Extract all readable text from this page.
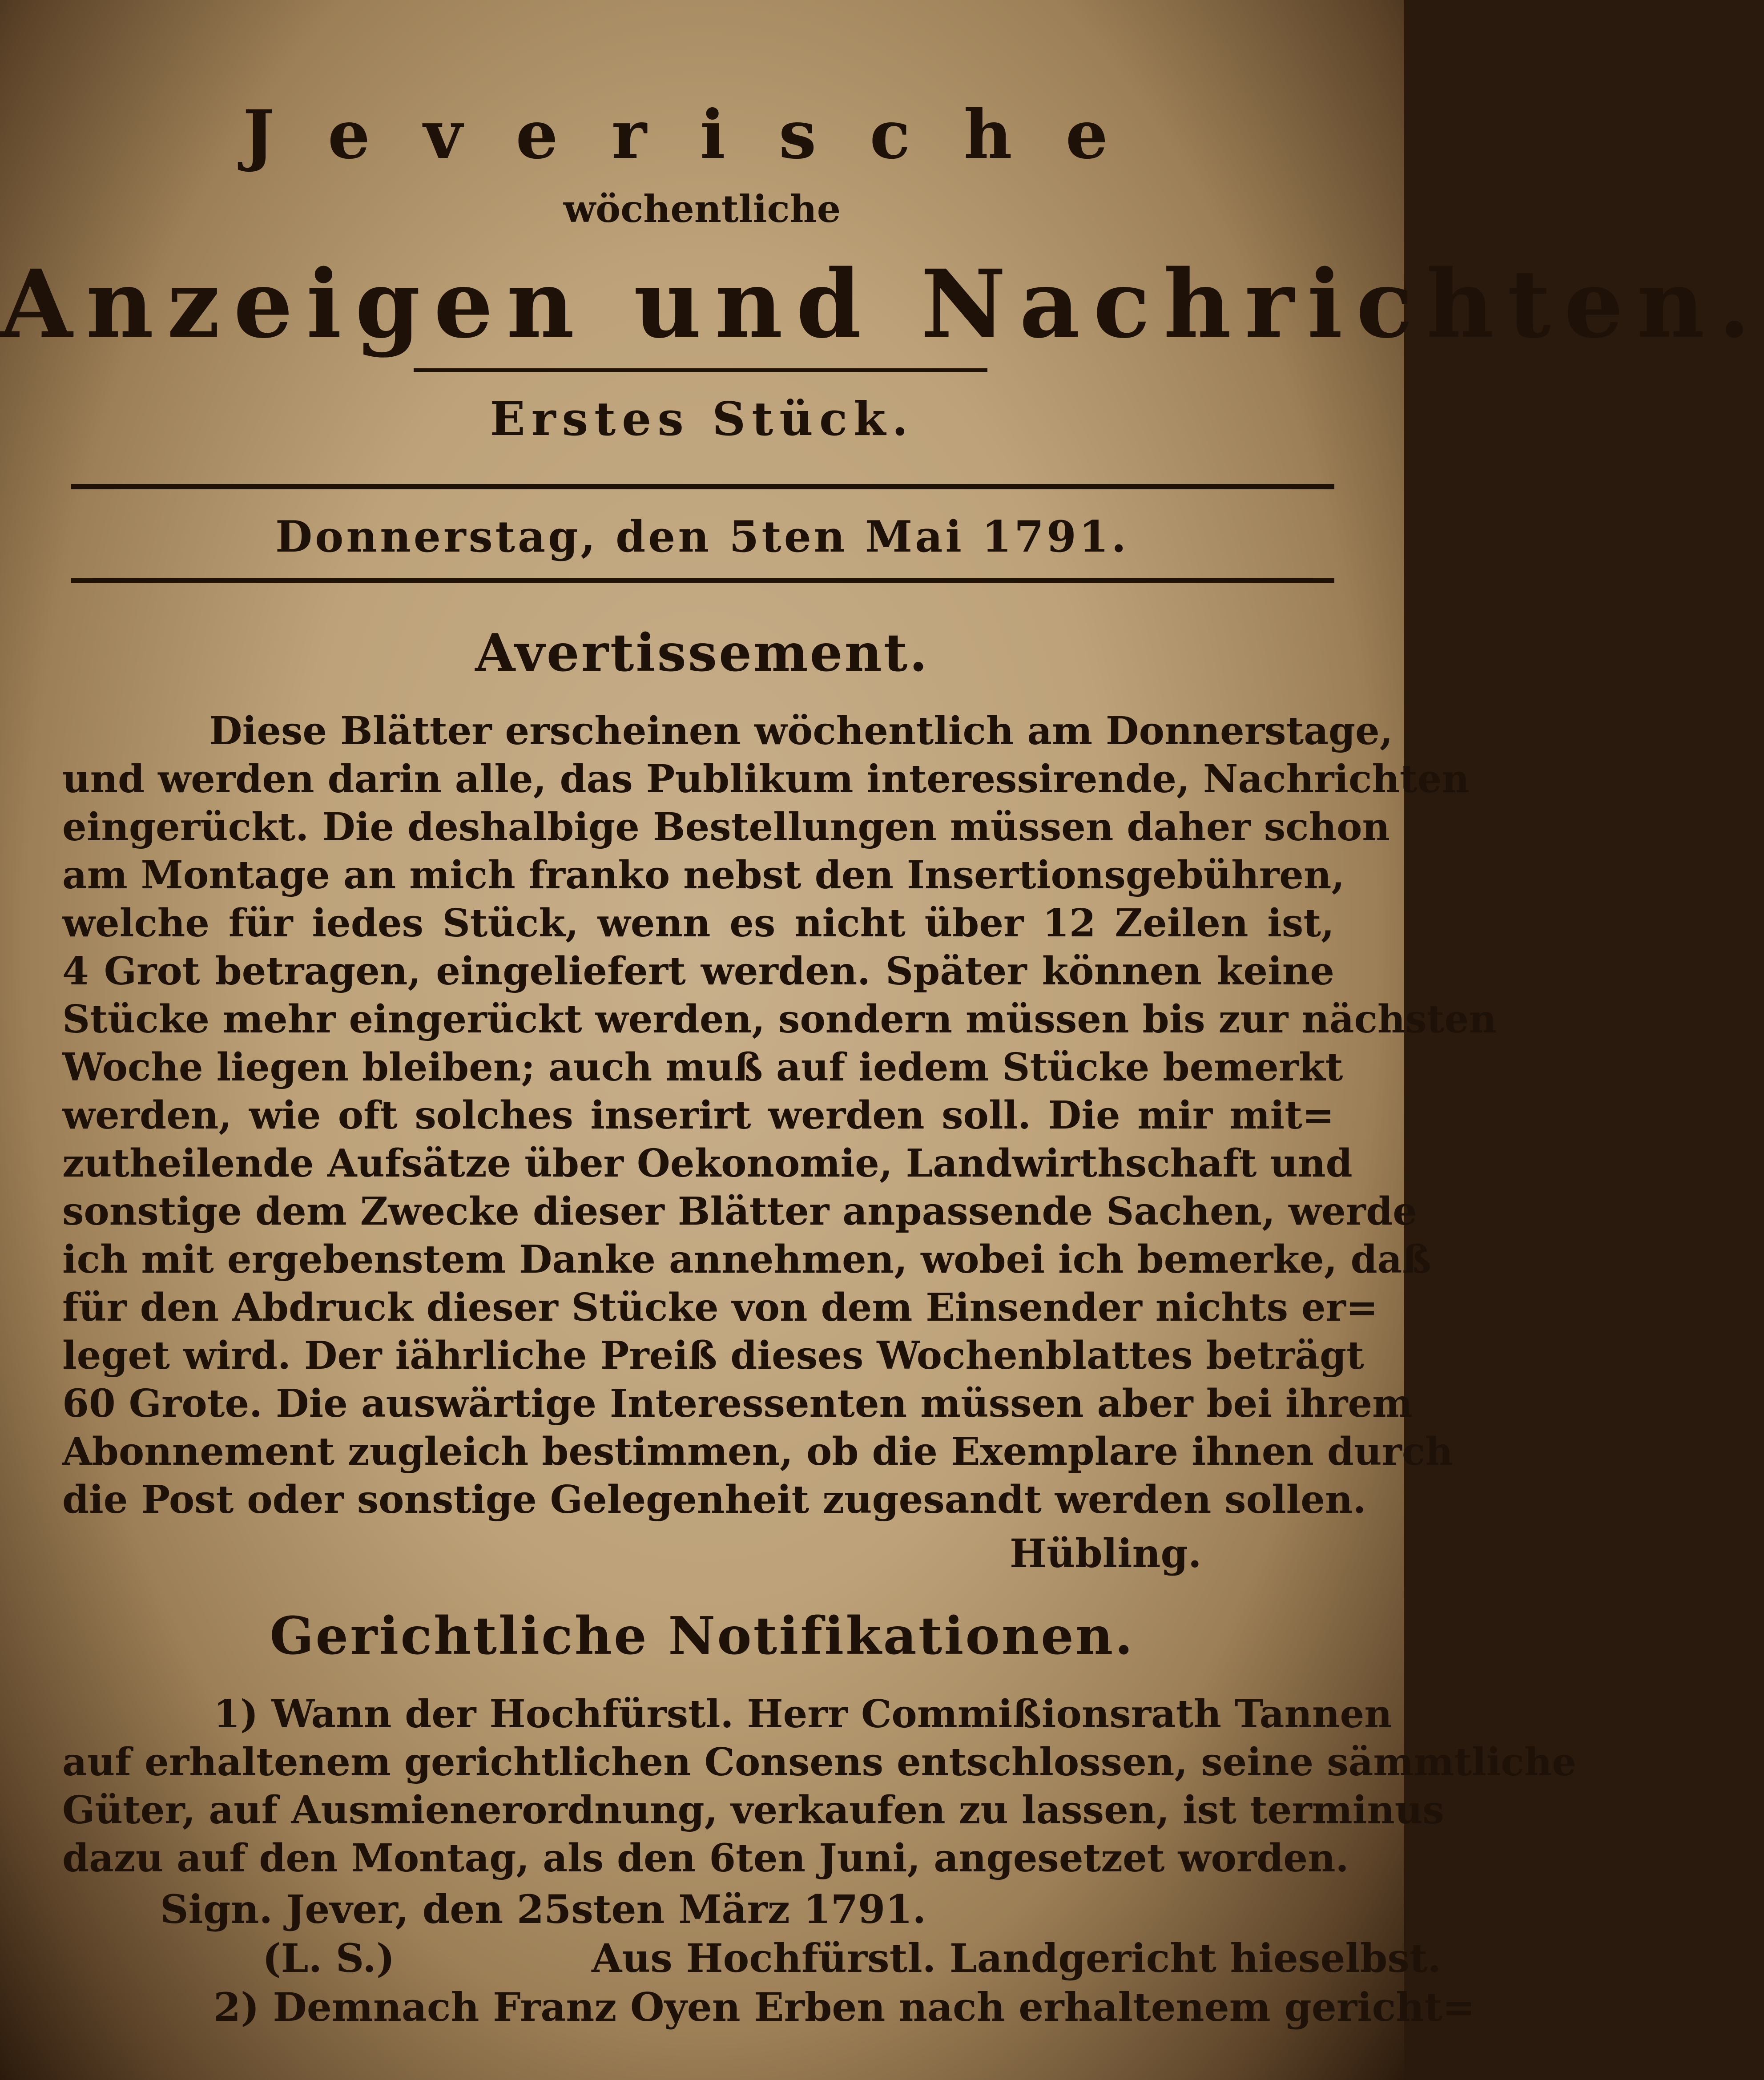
Jeverische
wöchentliche
Anzeigen und Nachrichten.
Erstes Stück.
Donnerstag, den 5ten Mai 1791.
Avertissement.
Diese Blätter erscheinen wöchentlich am Donnerstage,
und werden darin alle, das Publikum interessirende, Nachrichten
eingerückt. Die deshalbige Bestellungen müssen daher schon
am Montage an mich franko nebst den Insertionsgebühren,
welche für iedes Stück, wenn es nicht über 12 Zeilen ist,
4 Grot betragen, eingeliefert werden. Später können keine
Stücke mehr eingerückt werden, sondern müssen bis zur nächsten
Woche liegen bleiben; auch muß auf iedem Stücke bemerkt
werden, wie oft solches inserirt werden soll. Die mir mit=
zutheilende Aufsätze über Oekonomie, Landwirthschaft und
sonstige dem Zwecke dieser Blätter anpassende Sachen, werde
ich mit ergebenstem Danke annehmen, wobei ich bemerke, daß
für den Abdruck dieser Stücke von dem Einsender nichts er=
leget wird. Der iährliche Preiß dieses Wochenblattes beträgt
60 Grote. Die auswärtige Interessenten müssen aber bei ihrem
Abonnement zugleich bestimmen, ob die Exemplare ihnen durch
die Post oder sonstige Gelegenheit zugesandt werden sollen.
Hübling.
Gerichtliche Notifikationen.
1) Wann der Hochfürstl. Herr Commißionsrath Tannen
auf erhaltenem gerichtlichen Consens entschlossen, seine sämmtliche
Güter, auf Ausmienerordnung, verkaufen zu lassen, ist terminus
dazu auf den Montag, als den 6ten Juni, angesetzet worden.
Sign. Jever, den 25sten März 1791.
(L. S.)	Aus Hochfürstl. Landgericht hieselbst.
2) Demnach Franz Oyen Erben nach erhaltenem gericht=
